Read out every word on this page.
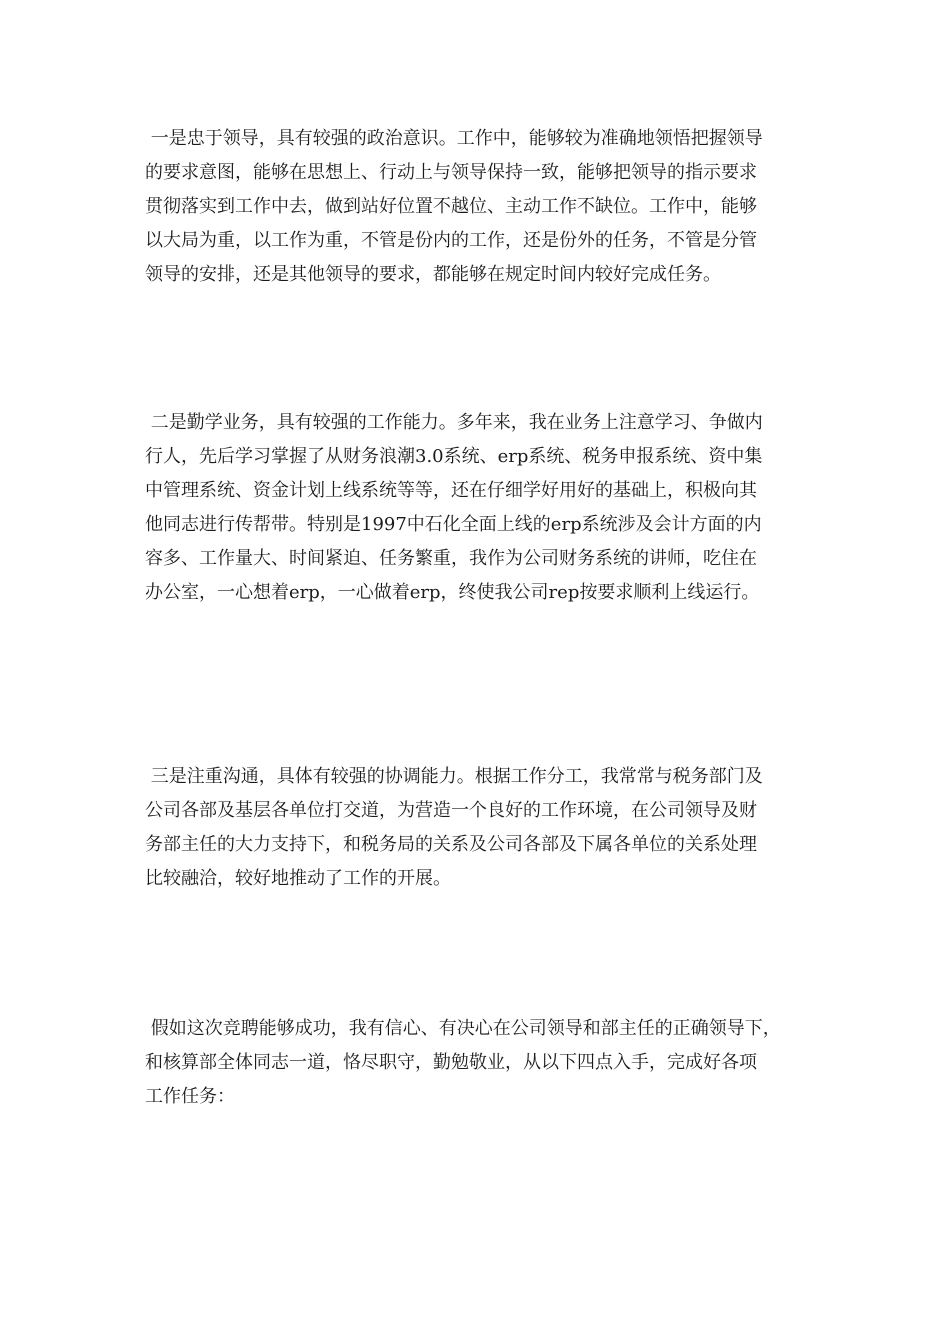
一是忠于领导，具有较强的政治意识。工作中，能够较为准确地领悟把握领导
的要求意图，能够在思想上、行动上与领导保持一致，能够把领导的指示要求
贯彻落实到工作中去，做到站好位置不越位、主动工作不缺位。工作中，能够
以大局为重，以工作为重，不管是份内的工作，还是份外的任务，不管是分管
领导的安排，还是其他领导的要求，都能够在规定时间内较好完成任务。
二是勤学业务，具有较强的工作能力。多年来，我在业务上注意学习、争做内
行人，先后学习掌握了从财务浪潮3.0系统、erp系统、税务申报系统、资中集
中管理系统、资金计划上线系统等等，还在仔细学好用好的基础上，积极向其
他同志进行传帮带。特别是1997中石化全面上线的erp系统涉及会计方面的内
容多、工作量大、时间紧迫、任务繁重，我作为公司财务系统的讲师，吃住在
办公室，一心想着erp，一心做着erp，终使我公司rep按要求顺利上线运行。
三是注重沟通，具体有较强的协调能力。根据工作分工，我常常与税务部门及
公司各部及基层各单位打交道，为营造一个良好的工作环境，在公司领导及财
务部主任的大力支持下，和税务局的关系及公司各部及下属各单位的关系处理
比较融洽，较好地推动了工作的开展。
假如这次竞聘能够成功，我有信心、有决心在公司领导和部主任的正确领导下，
和核算部全体同志一道，恪尽职守，勤勉敬业，从以下四点入手，完成好各项
工作任务：
